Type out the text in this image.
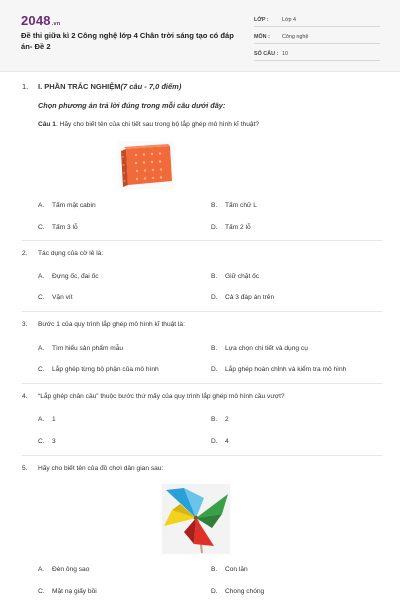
2048.vn
Đề thi giữa kì 2 Công nghệ lớp 4 Chân trời sáng tạo có đáp án- Đề 2
LỚP :	Lớp 4
MÔN :	Công nghệ
SỐ CÂU : 10
1. I. PHẦN TRẮC NGHIỆM(7 câu - 7,0 điểm)
Chọn phương án trả lời đúng trong mỗi câu dưới đây:
Câu 1. Hãy cho biết tên của chi tiết sau trong bộ lắp ghép mô hình kĩ thuật?
A. Tấm mặt cabin	B. Tấm chữ L
C. Tấm 3 lỗ	D. Tấm 2 lỗ
2. Tác dụng của cờ lê là:
A. Đựng ốc, đai ốc	B. Giữ chặt ốc
C. Vặn vít	D. Cả 3 đáp án trên
3. Bước 1 của quy trình lắp ghép mô hình kĩ thuật là:
A. Tìm hiểu sản phẩm mẫu	B. Lựa chọn chi tiết và dụng cụ
C. Lắp ghép từng bộ phận của mô hình	D. Lắp ghép hoàn chỉnh và kiểm tra mô hình
4. “Lắp ghép chân cầu” thuộc bước thứ mấy của quy trình lắp ghép mô hình cầu vượt?
A. 1	B. 2
C. 3	D. 4
5. Hãy cho biết tên của đồ chơi dân gian sau:
A. Đèn ông sao	B. Con lăn
C. Mặt nạ giấy bồi	D. Chong chóng
